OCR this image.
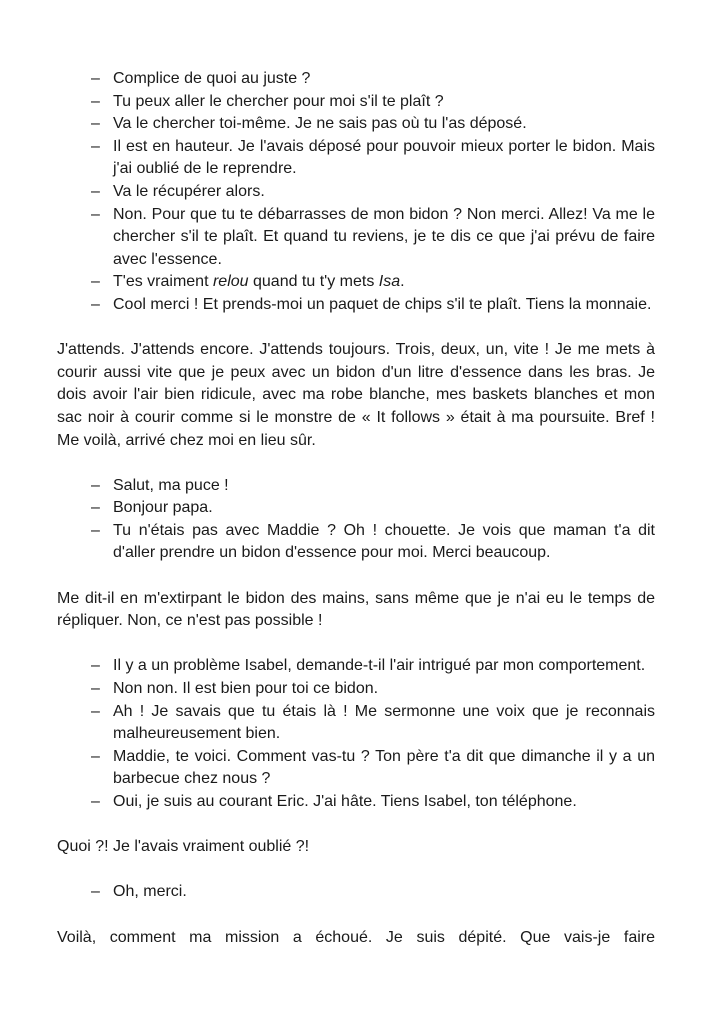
– Complice de quoi au juste ?
– Tu peux aller le chercher pour moi s'il te plaît ?
– Va le chercher toi-même. Je ne sais pas où tu l'as déposé.
– Il est en hauteur. Je l'avais déposé pour pouvoir mieux porter le bidon. Mais j'ai oublié de le reprendre.
– Va le récupérer alors.
– Non. Pour que tu te débarrasses de mon bidon ? Non merci. Allez! Va me le chercher s'il te plaît. Et quand tu reviens, je te dis ce que j'ai prévu de faire avec l'essence.
– T'es vraiment relou quand tu t'y mets Isa.
– Cool merci ! Et prends-moi un paquet de chips s'il te plaît. Tiens la monnaie.

J'attends. J'attends encore. J'attends toujours. Trois, deux, un, vite ! Je me mets à courir aussi vite que je peux avec un bidon d'un litre d'essence dans les bras. Je dois avoir l'air bien ridicule, avec ma robe blanche, mes baskets blanches et mon sac noir à courir comme si le monstre de « It follows » était à ma poursuite. Bref ! Me voilà, arrivé chez moi en lieu sûr.

– Salut, ma puce !
– Bonjour papa.
– Tu n'étais pas avec Maddie ? Oh ! chouette. Je vois que maman t'a dit d'aller prendre un bidon d'essence pour moi. Merci beaucoup.

Me dit-il en m'extirpant le bidon des mains, sans même que je n'ai eu le temps de répliquer. Non, ce n'est pas possible !

– Il y a un problème Isabel, demande-t-il l'air intrigué par mon comportement.
– Non non. Il est bien pour toi ce bidon.
– Ah ! Je savais que tu étais là ! Me sermonne une voix que je reconnais malheureusement bien.
– Maddie, te voici. Comment vas-tu ? Ton père t'a dit que dimanche il y a un barbecue chez nous ?
– Oui, je suis au courant Eric. J'ai hâte. Tiens Isabel, ton téléphone.

Quoi ?! Je l'avais vraiment oublié ?!

– Oh, merci.

Voilà, comment ma mission a échoué. Je suis dépité. Que vais-je faire
